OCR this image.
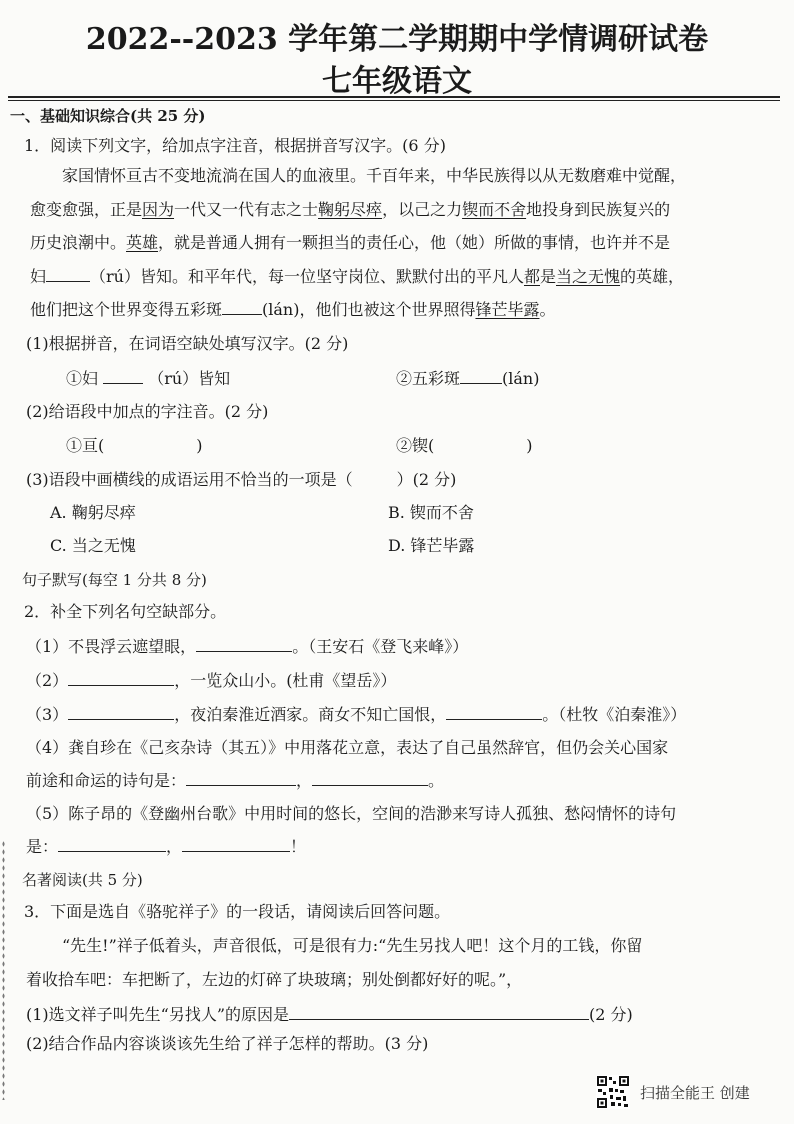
2022--2023 学年第二学期期中学情调研试卷
七年级语文
一、基础知识综合(共 25 分)
1．阅读下列文字，给加点字注音，根据拼音写汉字。(6 分)
家国情怀亘古不变地流淌在国人的血液里。千百年来，中华民族得以从无数磨难中觉醒，
愈变愈强，正是因为一代又一代有志之士鞠躬尽瘁，以己之力锲而不舍地投身到民族复兴的
历史浪潮中。英雄，就是普通人拥有一颗担当的责任心，他（她）所做的事情，也许并不是
妇	（rú）皆知。和平年代，每一位坚守岗位、默默付出的平凡人都是当之无愧的英雄，
他们把这个世界变得五彩斑	(lán)，他们也被这个世界照得锋芒毕露。
(1)根据拼音，在词语空缺处填写汉字。(2 分)
①妇	（rú）皆知	②五彩斑	(lán)
(2)给语段中加点的字注音。(2 分)
①亘(	)	②锲(	)
(3)语段中画横线的成语运用不恰当的一项是（	）(2 分)
A. 鞠躬尽瘁	B. 锲而不舍
C. 当之无愧	D. 锋芒毕露
句子默写(每空 1 分共 8 分)
2．补全下列名句空缺部分。
（1）不畏浮云遮望眼，	。（王安石《登飞来峰》）
（2）	，一览众山小。(杜甫《望岳》）
（3）	，夜泊秦淮近酒家。商女不知亡国恨，	。（杜牧《泊秦淮》）
（4）龚自珍在《己亥杂诗（其五）》中用落花立意，表达了自己虽然辞官，但仍会关心国家
前途和命运的诗句是：	，	。
（5）陈子昂的《登幽州台歌》中用时间的悠长，空间的浩渺来写诗人孤独、愁闷情怀的诗句
是：	，	！
名著阅读(共 5 分)
3．下面是选自《骆驼祥子》的一段话，请阅读后回答问题。
“先生!”祥子低着头，声音很低，可是很有力:“先生另找人吧！这个月的工钱，你留
着收拾车吧：车把断了，左边的灯碎了块玻璃；别处倒都好好的呢。”，
(1)选文祥子叫先生“另找人”的原因是	(2 分)
(2)结合作品内容谈谈该先生给了祥子怎样的帮助。(3 分)
扫描全能王 创建
